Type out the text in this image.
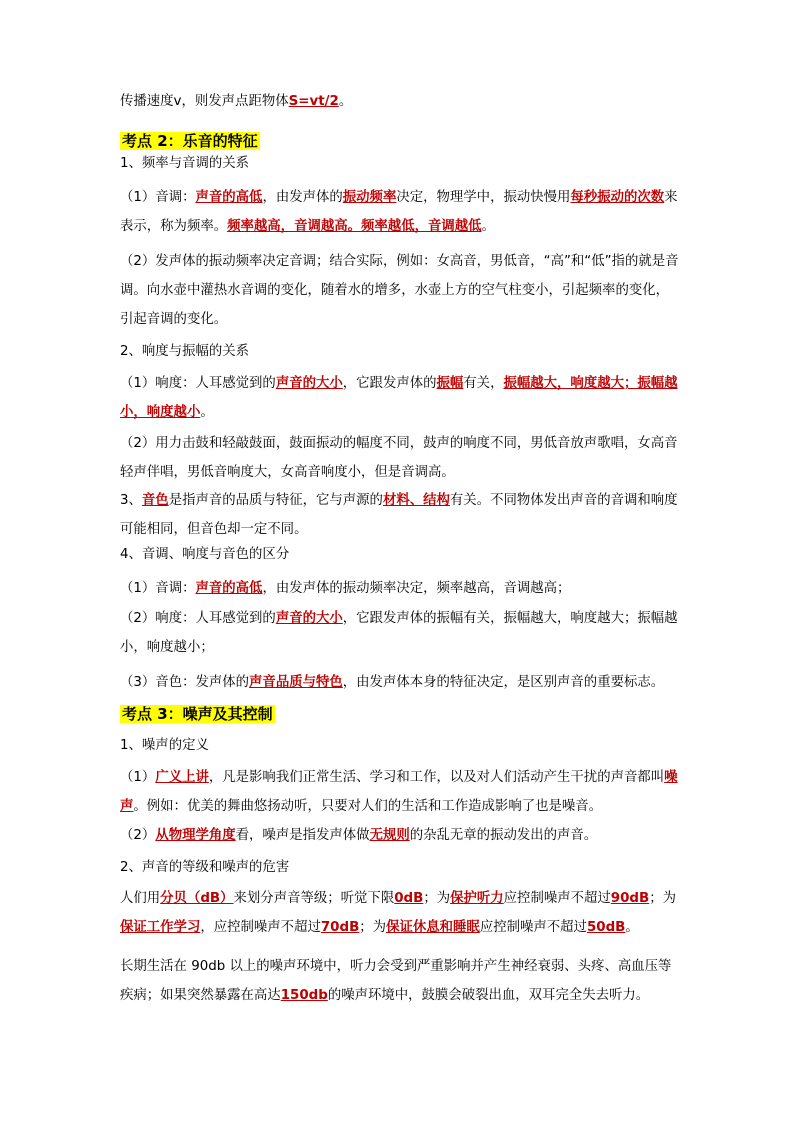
传播速度v，则发声点距物体S=vt/2。

考点 2：乐音的特征

1、频率与音调的关系

（1）音调：声音的高低，由发声体的振动频率决定，物理学中，振动快慢用每秒振动的次数来表示，称为频率。频率越高，音调越高。频率越低，音调越低。

（2）发声体的振动频率决定音调；结合实际，例如：女高音，男低音，“高”和“低”指的就是音调。向水壶中灌热水音调的变化，随着水的增多，水壶上方的空气柱变小，引起频率的变化，引起音调的变化。

2、响度与振幅的关系

（1）响度：人耳感觉到的声音的大小，它跟发声体的振幅有关，振幅越大，响度越大；振幅越小，响度越小。

（2）用力击鼓和轻敲鼓面，鼓面振动的幅度不同，鼓声的响度不同，男低音放声歌唱，女高音轻声伴唱，男低音响度大，女高音响度小，但是音调高。

3、音色是指声音的品质与特征，它与声源的材料、结构有关。不同物体发出声音的音调和响度可能相同，但音色却一定不同。

4、音调、响度与音色的区分

（1）音调：声音的高低，由发声体的振动频率决定，频率越高，音调越高；

（2）响度：人耳感觉到的声音的大小，它跟发声体的振幅有关，振幅越大，响度越大；振幅越小，响度越小；

（3）音色：发声体的声音品质与特色，由发声体本身的特征决定，是区别声音的重要标志。

考点 3：噪声及其控制

1、噪声的定义

（1）广义上讲，凡是影响我们正常生活、学习和工作，以及对人们活动产生干扰的声音都叫噪声。例如：优美的舞曲悠扬动听，只要对人们的生活和工作造成影响了也是噪音。

（2）从物理学角度看，噪声是指发声体做无规则的杂乱无章的振动发出的声音。

2、声音的等级和噪声的危害

人们用分贝（dB）来划分声音等级；听觉下限0dB；为保护听力应控制噪声不超过90dB；为保证工作学习，应控制噪声不超过70dB；为保证休息和睡眠应控制噪声不超过50dB。

长期生活在 90db 以上的噪声环境中，听力会受到严重影响并产生神经衰弱、头疼、高血压等疾病；如果突然暴露在高达150db的噪声环境中，鼓膜会破裂出血，双耳完全失去听力。
